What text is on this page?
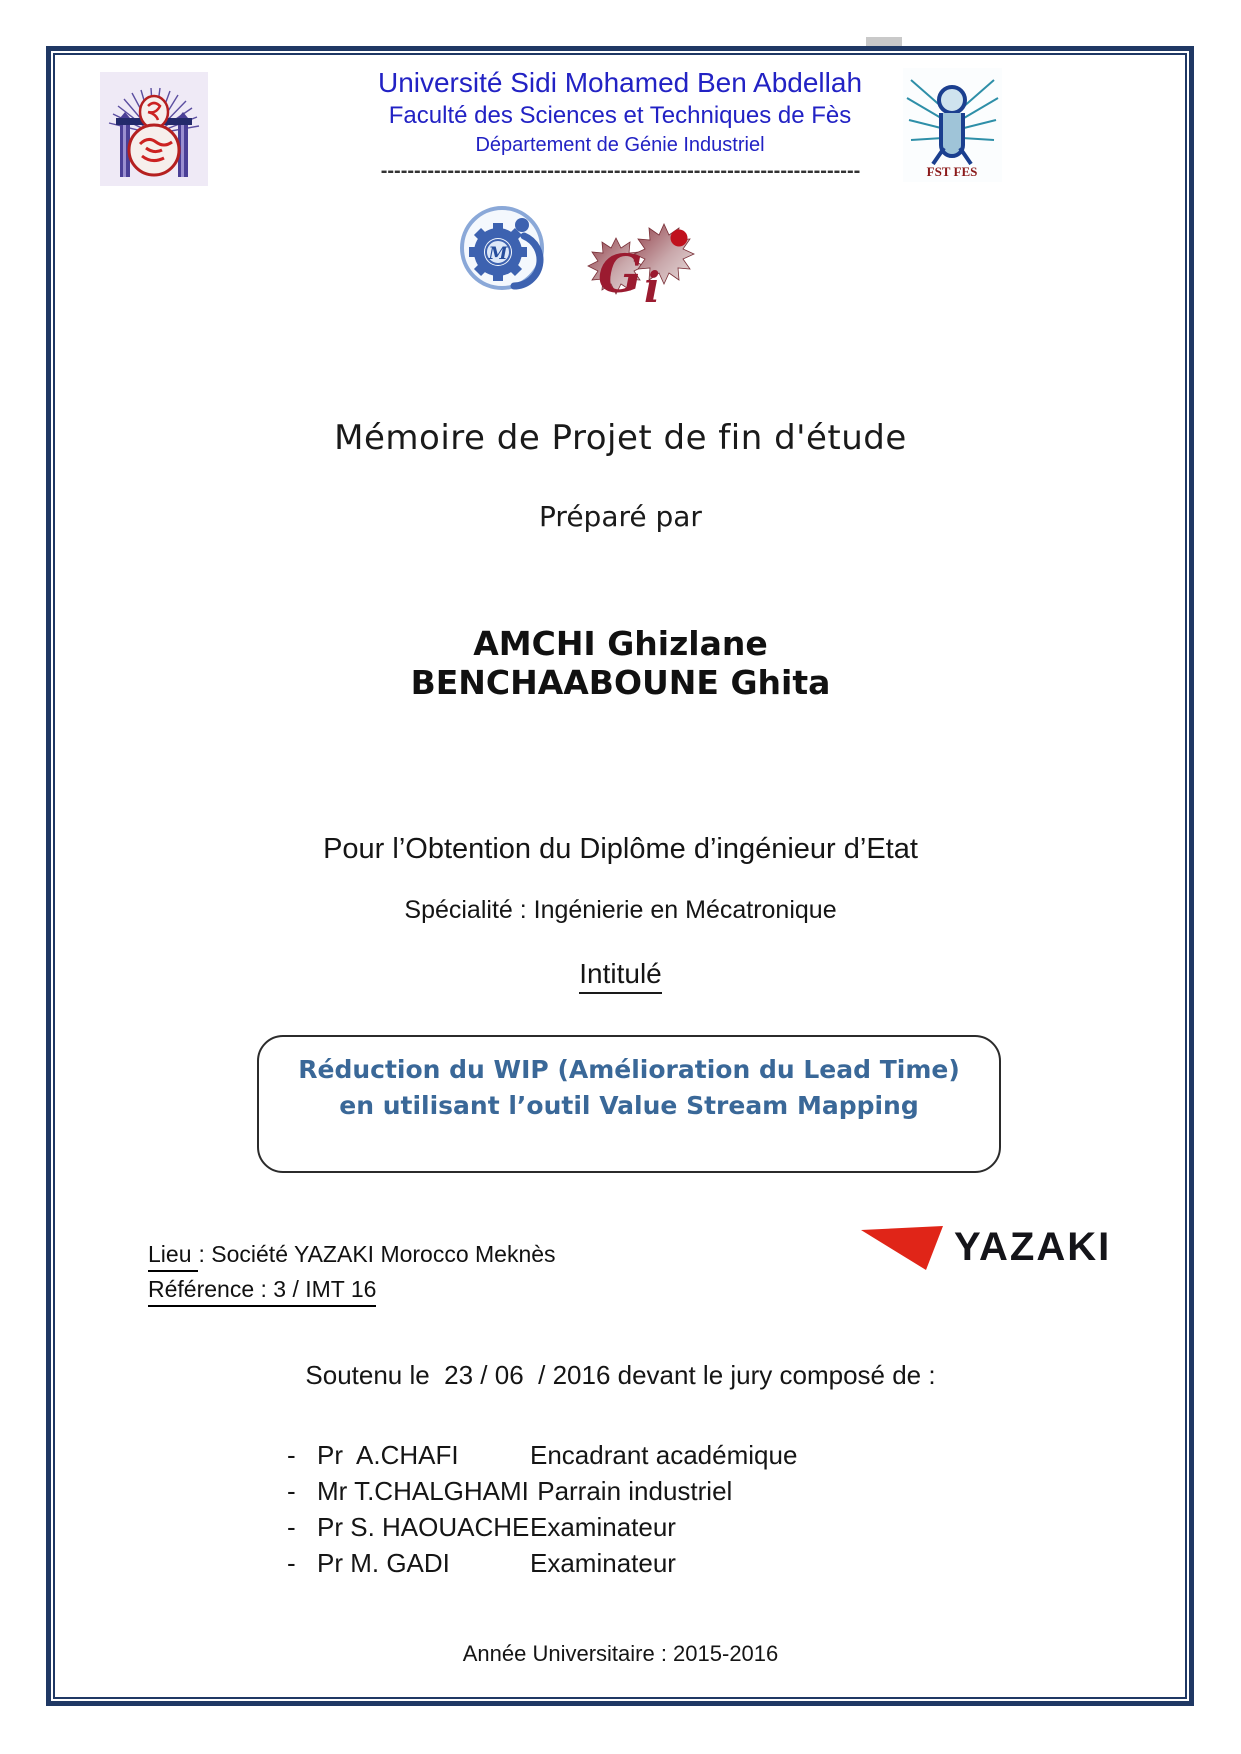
FST FES
Université Sidi Mohamed Ben Abdellah
Faculté des Sciences et Techniques de Fès
Département de Génie Industriel
------------------------------------------------------------------------
M G i
Mémoire de Projet de fin d'étude
Préparé par
AMCHI Ghizlane
BENCHAABOUNE Ghita
Pour l’Obtention du Diplôme d’ingénieur d’Etat
Spécialité : Ingénierie en Mécatronique
Intitulé
Réduction du WIP (Amélioration du Lead Time)
en utilisant l’outil Value Stream Mapping
YAZAKI
Lieu : Société YAZAKI Morocco Meknès
Référence : 3 / IMT 16
Soutenu le  23 / 06  / 2016 devant le jury composé de :
- Pr  A.CHAFI	Encadrant académique
- Mr T.CHALGHAMI Parrain industriel
- Pr S. HAOUACHE Examinateur
- Pr M. GADI	Examinateur
Année Universitaire : 2015-2016
